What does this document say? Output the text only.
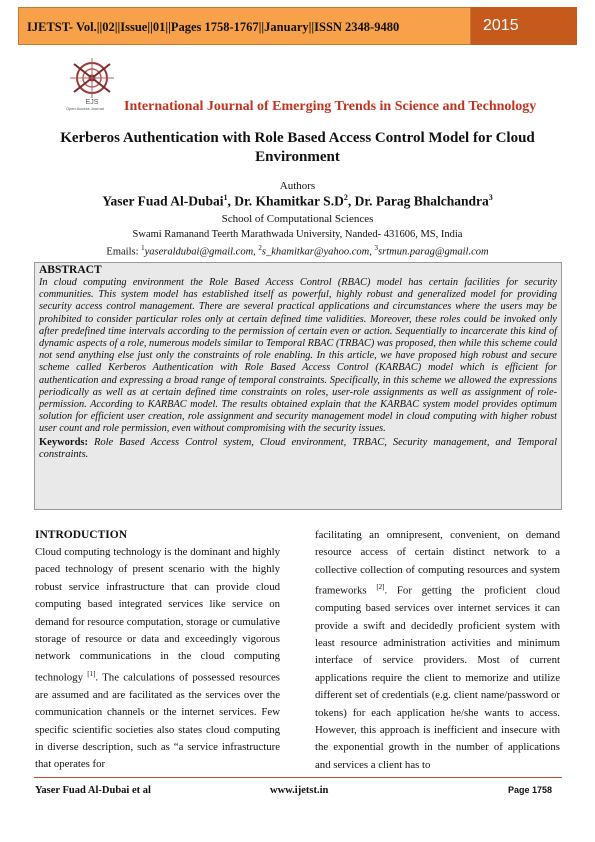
IJETST- Vol.||02||Issue||01||Pages 1758-1767||January||ISSN 2348-9480	2015
EJS
Open Access Journal	International Journal of Emerging Trends in Science and Technology
Kerberos Authentication with Role Based Access Control Model for Cloud Environment
Authors
Yaser Fuad Al-Dubai$^1$, Dr. Khamitkar $S.D^2$, Dr. Parag Bhalchandra$^3$
School of Computational Sciences
Swami Ramanand Teerth Marathwada University, Nanded- 431606, MS, India
Emails: $^1$yaseraldubai@gmail.com, $^2$s_khamitkar@yahoo.com, $^3$srtmun.parag@gmail.com
ABSTRACT

In cloud computing environment the Role Based Access Control (RBAC) model has certain facilities for security communities. This system model has established itself as powerful, highly robust and generalized model for providing security access control management. There are several practical applications and circumstances where the users may be prohibited to consider particular roles only at certain defined time validities. Moreover, these roles could be invoked only after predefined time intervals according to the permission of certain even or action. Sequentially to incarcerate this kind of dynamic aspects of a role, numerous models similar to Temporal RBAC (TRBAC) was proposed, then while this scheme could not send anything else just only the constraints of role enabling. In this article, we have proposed high robust and secure scheme called Kerberos Authentication with Role Based Access Control (KARBAC) model which is efficient for authentication and expressing a broad range of temporal constraints. Specifically, in this scheme we allowed the expressions periodically as well as at certain defined time constraints on roles, user-role assignments as well as assignment of role-permission. According to KARBAC model. The results obtained explain that the KARBAC system model provides optimum solution for efficient user creation, role assignment and security management model in cloud computing with higher robust user count and role permission, even without compromising with the security issues.

Keywords: Role Based Access Control system, Cloud environment, TRBAC, Security management, and Temporal constraints.
INTRODUCTION

Cloud computing technology is the dominant and highly paced technology of present scenario with the highly robust service infrastructure that can provide cloud computing based integrated services like service on demand for resource computation, storage or cumulative storage of resource or data and exceedingly vigorous network communications in the cloud computing technology [1]. The calculations of possessed resources are assumed and are facilitated as the services over the communication channels or the internet services. Few specific scientific societies also states cloud computing in diverse description, such as “a service infrastructure that operates for

facilitating an omnipresent, convenient, on demand resource access of certain distinct network to a collective collection of computing resources and system frameworks [2]. For getting the proficient cloud computing based services over internet services it can provide a swift and decidedly proficient system with least resource administration activities and minimum interface of service providers. Most of current applications require the client to memorize and utilize different set of credentials (e.g. client name/password or tokens) for each application he/she wants to access. However, this approach is inefficient and insecure with the exponential growth in the number of applications and services a client has to

Yaser Fuad Al-Dubai et al	www.ijetst.in	Page 1758
